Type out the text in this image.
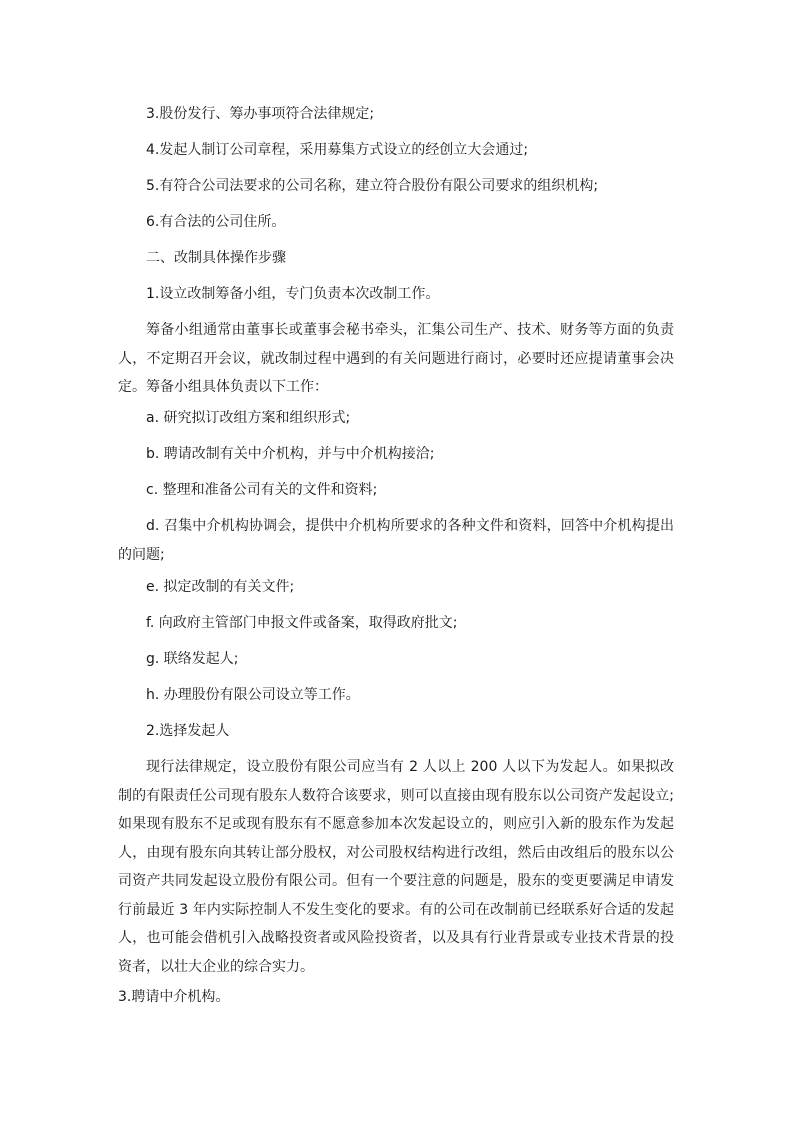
3.股份发行、筹办事项符合法律规定;
4.发起人制订公司章程，采用募集方式设立的经创立大会通过;
5.有符合公司法要求的公司名称，建立符合股份有限公司要求的组织机构;
6.有合法的公司住所。
二、改制具体操作步骤
1.设立改制筹备小组，专门负责本次改制工作。
筹备小组通常由董事长或董事会秘书牵头，汇集公司生产、技术、财务等方面的负责人，不定期召开会议，就改制过程中遇到的有关问题进行商讨，必要时还应提请董事会决定。筹备小组具体负责以下工作：
a. 研究拟订改组方案和组织形式;
b. 聘请改制有关中介机构，并与中介机构接洽;
c. 整理和准备公司有关的文件和资料;
d. 召集中介机构协调会，提供中介机构所要求的各种文件和资料，回答中介机构提出的问题;
e. 拟定改制的有关文件;
f. 向政府主管部门申报文件或备案，取得政府批文;
g. 联络发起人;
h. 办理股份有限公司设立等工作。
2.选择发起人
现行法律规定，设立股份有限公司应当有 2 人以上 200 人以下为发起人。如果拟改制的有限责任公司现有股东人数符合该要求，则可以直接由现有股东以公司资产发起设立;如果现有股东不足或现有股东有不愿意参加本次发起设立的，则应引入新的股东作为发起人，由现有股东向其转让部分股权，对公司股权结构进行改组，然后由改组后的股东以公司资产共同发起设立股份有限公司。但有一个要注意的问题是，股东的变更要满足申请发行前最近 3 年内实际控制人不发生变化的要求。有的公司在改制前已经联系好合适的发起人，也可能会借机引入战略投资者或风险投资者，以及具有行业背景或专业技术背景的投资者，以壮大企业的综合实力。
3.聘请中介机构。
